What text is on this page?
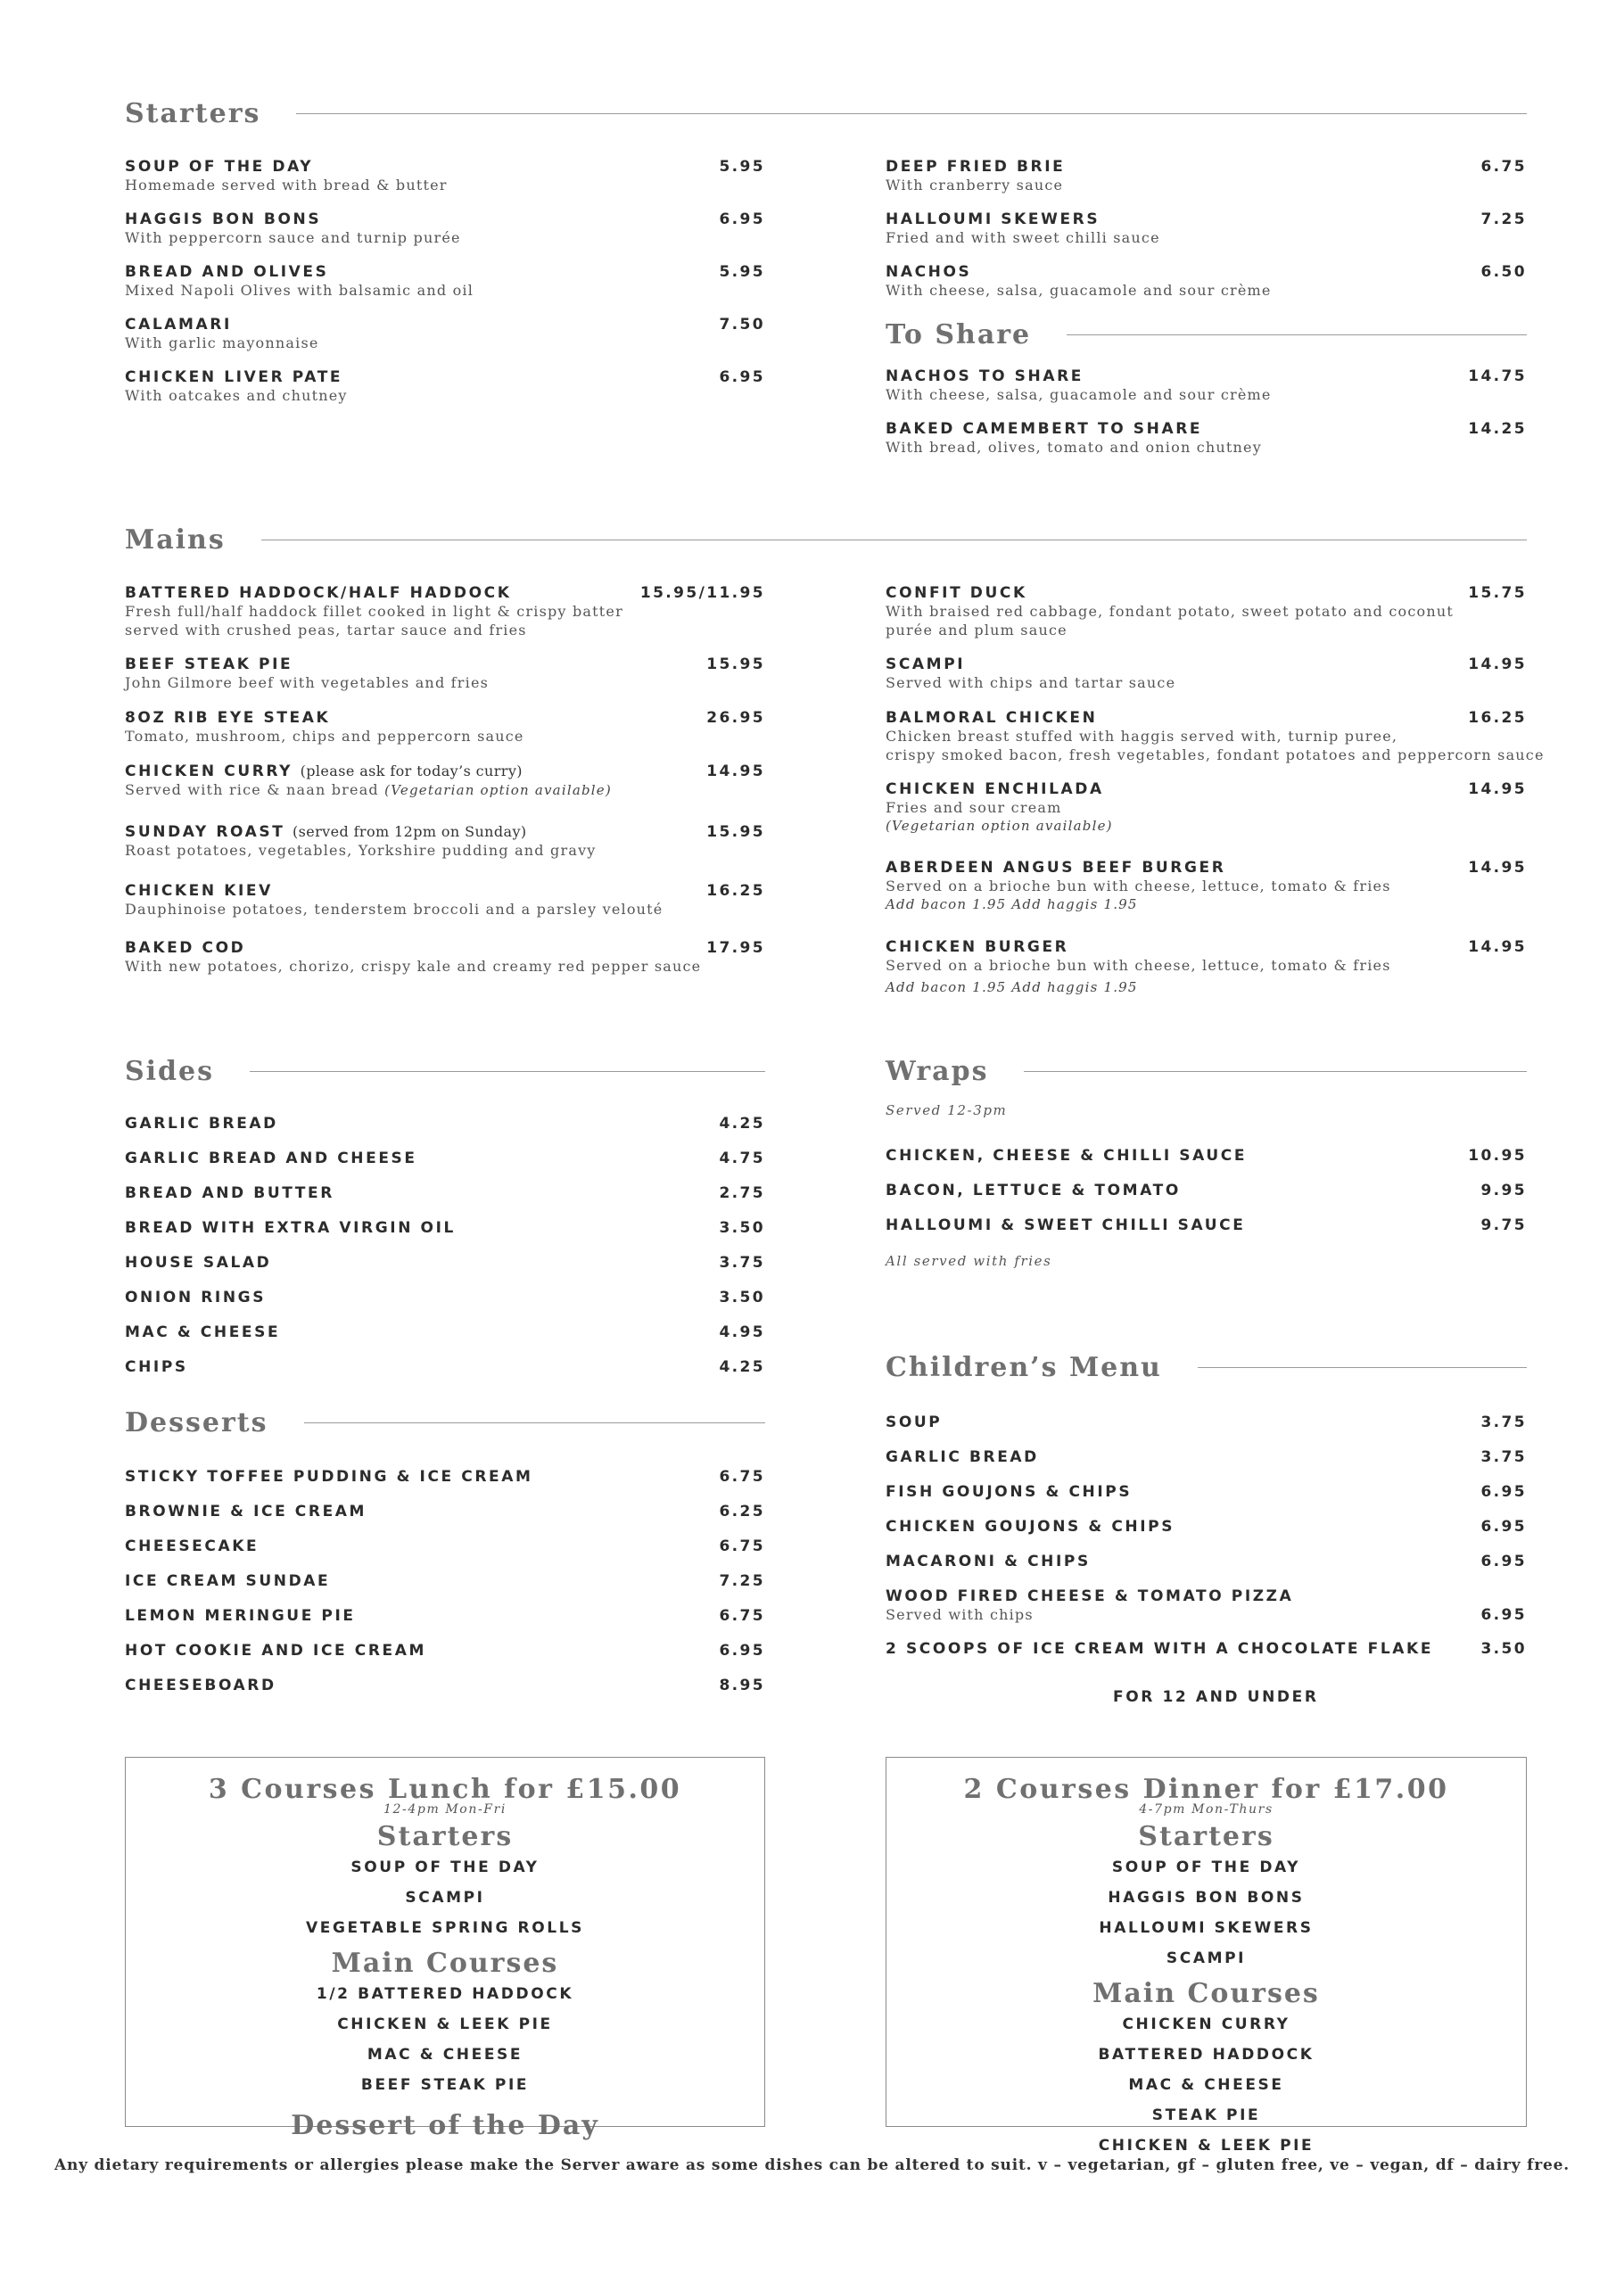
Starters
SOUP OF THE DAY	5.95
Homemade served with bread & butter
HAGGIS BON BONS	6.95
With peppercorn sauce and turnip purée
BREAD AND OLIVES	5.95
Mixed Napoli Olives with balsamic and oil
CALAMARI	7.50
With garlic mayonnaise
CHICKEN LIVER PATE	6.95
With oatcakes and chutney
DEEP FRIED BRIE	6.75
With cranberry sauce
HALLOUMI SKEWERS	7.25
Fried and with sweet chilli sauce
NACHOS	6.50
With cheese, salsa, guacamole and sour crème
To Share
NACHOS TO SHARE	14.75
With cheese, salsa, guacamole and sour crème
BAKED CAMEMBERT TO SHARE	14.25
With bread, olives, tomato and onion chutney
Mains
BATTERED HADDOCK/HALF HADDOCK	15.95/11.95
Fresh full/half haddock fillet cooked in light & crispy batter
served with crushed peas, tartar sauce and fries
BEEF STEAK PIE	15.95
John Gilmore beef with vegetables and fries
8OZ RIB EYE STEAK	26.95
Tomato, mushroom, chips and peppercorn sauce
CHICKEN CURRY (please ask for today’s curry)	14.95
Served with rice & naan bread (Vegetarian option available)
SUNDAY ROAST (served from 12pm on Sunday)	15.95
Roast potatoes, vegetables, Yorkshire pudding and gravy
CHICKEN KIEV	16.25
Dauphinoise potatoes, tenderstem broccoli and a parsley velouté
BAKED COD	17.95
With new potatoes, chorizo, crispy kale and creamy red pepper sauce
CONFIT DUCK	15.75
With braised red cabbage, fondant potato, sweet potato and coconut
purée and plum sauce
SCAMPI	14.95
Served with chips and tartar sauce
BALMORAL CHICKEN	16.25
Chicken breast stuffed with haggis served with, turnip puree,
crispy smoked bacon, fresh vegetables, fondant potatoes and peppercorn sauce
CHICKEN ENCHILADA	14.95
Fries and sour cream
(Vegetarian option available)
ABERDEEN ANGUS BEEF BURGER	14.95
Served on a brioche bun with cheese, lettuce, tomato & fries
Add bacon 1.95 Add haggis 1.95
CHICKEN BURGER	14.95
Served on a brioche bun with cheese, lettuce, tomato & fries
Add bacon 1.95 Add haggis 1.95
Sides
GARLIC BREAD	4.25
GARLIC BREAD AND CHEESE	4.75
BREAD AND BUTTER	2.75
BREAD WITH EXTRA VIRGIN OIL	3.50
HOUSE SALAD	3.75
ONION RINGS	3.50
MAC & CHEESE	4.95
CHIPS	4.25
Desserts
STICKY TOFFEE PUDDING & ICE CREAM	6.75
BROWNIE & ICE CREAM	6.25
CHEESECAKE	6.75
ICE CREAM SUNDAE	7.25
LEMON MERINGUE PIE	6.75
HOT COOKIE AND ICE CREAM	6.95
CHEESEBOARD	8.95
Wraps
Served 12-3pm
CHICKEN, CHEESE & CHILLI SAUCE	10.95
BACON, LETTUCE & TOMATO	9.95
HALLOUMI & SWEET CHILLI SAUCE	9.75
All served with fries
Children’s Menu
SOUP	3.75
GARLIC BREAD	3.75
FISH GOUJONS & CHIPS	6.95
CHICKEN GOUJONS & CHIPS	6.95
MACARONI & CHIPS	6.95
WOOD FIRED CHEESE & TOMATO PIZZA
Served with chips	6.95
2 SCOOPS OF ICE CREAM WITH A CHOCOLATE FLAKE	3.50
FOR 12 AND UNDER
3 Courses Lunch for £15.00
12-4pm Mon-Fri
Starters
SOUP OF THE DAY
SCAMPI
VEGETABLE SPRING ROLLS
Main Courses
1/2 BATTERED HADDOCK
CHICKEN & LEEK PIE
MAC & CHEESE
BEEF STEAK PIE
Dessert of the Day
2 Courses Dinner for £17.00
4-7pm Mon-Thurs
Starters
SOUP OF THE DAY
HAGGIS BON BONS
HALLOUMI SKEWERS
SCAMPI
Main Courses
CHICKEN CURRY
BATTERED HADDOCK
MAC & CHEESE
STEAK PIE
CHICKEN & LEEK PIE
Any dietary requirements or allergies please make the Server aware as some dishes can be altered to suit. v – vegetarian, gf – gluten free, ve – vegan, df – dairy free.
